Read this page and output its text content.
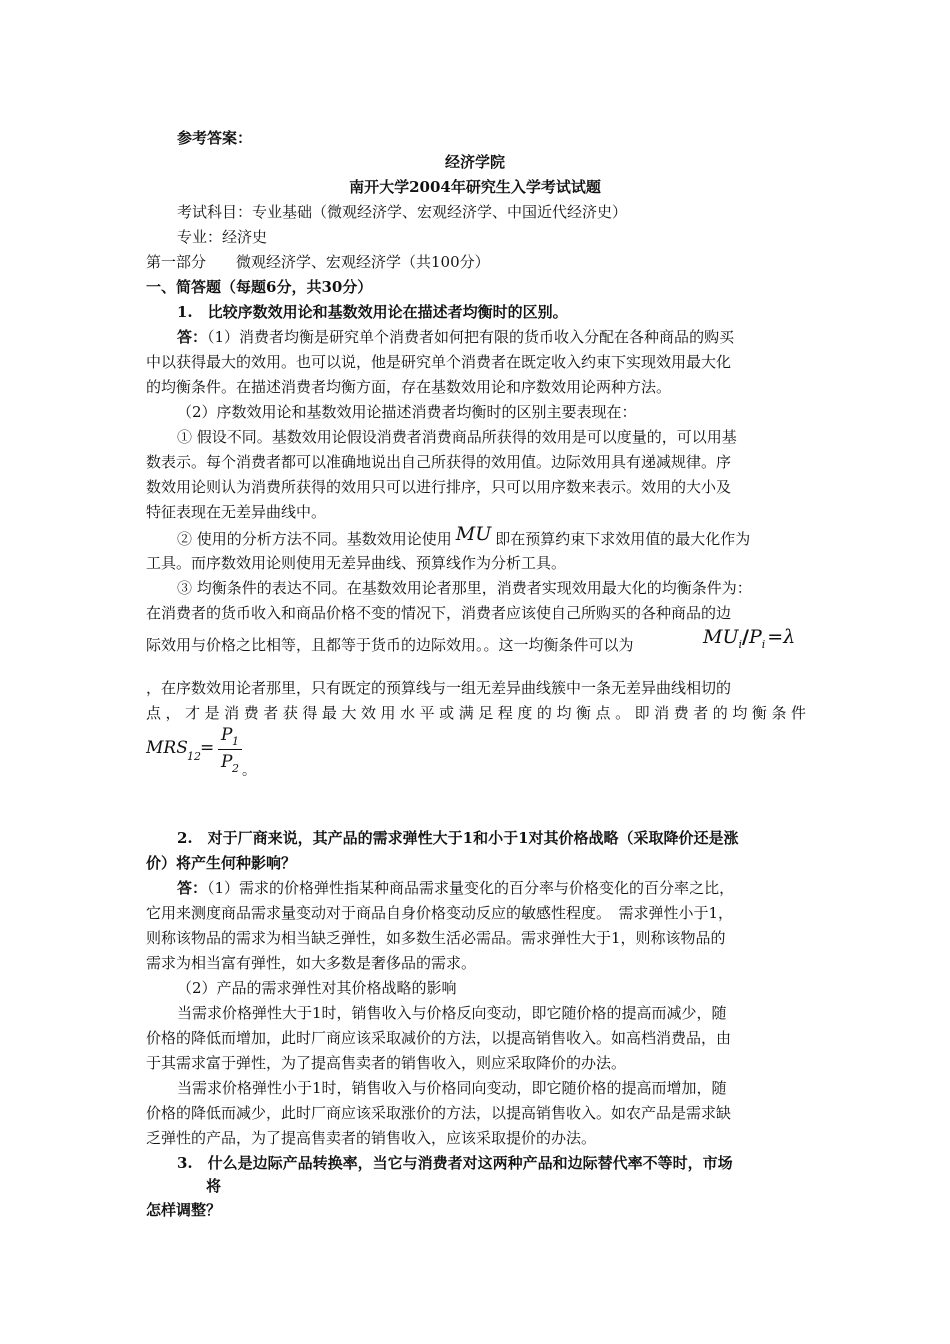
参考答案：
经济学院
南开大学2004年研究生入学考试试题
考试科目：专业基础（微观经济学、宏观经济学、中国近代经济史）
专业：经济史
第一部分　　微观经济学、宏观经济学（共100分）
一、简答题（每题6分，共30分）
1.　比较序数效用论和基数效用论在描述者均衡时的区别。
答：（1）消费者均衡是研究单个消费者如何把有限的货币收入分配在各种商品的购买
中以获得最大的效用。也可以说，他是研究单个消费者在既定收入约束下实现效用最大化
的均衡条件。在描述消费者均衡方面，存在基数效用论和序数效用论两种方法。
（2）序数效用论和基数效用论描述消费者均衡时的区别主要表现在：
① 假设不同。基数效用论假设消费者消费商品所获得的效用是可以度量的，可以用基
数表示。每个消费者都可以准确地说出自己所获得的效用值。边际效用具有递减规律。序
数效用论则认为消费所获得的效用只可以进行排序，只可以用序数来表示。效用的大小及
特征表现在无差异曲线中。
② 使用的分析方法不同。基数效用论使用 MU 即在预算约束下求效用值的最大化作为
工具。而序数效用论则使用无差异曲线、预算线作为分析工具。
③ 均衡条件的表达不同。在基数效用论者那里，消费者实现效用最大化的均衡条件为：
在消费者的货币收入和商品价格不变的情况下，消费者应该使自己所购买的各种商品的边
际效用与价格之比相等，且都等于货币的边际效用。。这一均衡条件可以为	$MU_i/P_i =\lambda$
，在序数效用论者那里，只有既定的预算线与一组无差异曲线簇中一条无差异曲线相切的
点，才是消费者获得最大效用水平或满足程度的均衡点。即消费者的均衡条件
MRS 12 =
P 1
P 2 。
2.　对于厂商来说，其产品的需求弹性大于1和小于1对其价格战略（采取降价还是涨
价）将产生何种影响？
答：（1）需求的价格弹性指某种商品需求量变化的百分率与价格变化的百分率之比，
它用来测度商品需求量变动对于商品自身价格变动反应的敏感性程度。　需求弹性小于1，
则称该物品的需求为相当缺乏弹性，如多数生活必需品。需求弹性大于1，则称该物品的
需求为相当富有弹性，如大多数是奢侈品的需求。
（2）产品的需求弹性对其价格战略的影响
当需求价格弹性大于1时，销售收入与价格反向变动，即它随价格的提高而减少，随
价格的降低而增加，此时厂商应该采取减价的方法，以提高销售收入。如高档消费品，由
于其需求富于弹性，为了提高售卖者的销售收入，则应采取降价的办法。
当需求价格弹性小于1时，销售收入与价格同向变动，即它随价格的提高而增加，随
价格的降低而减少，此时厂商应该采取涨价的方法，以提高销售收入。如农产品是需求缺
乏弹性的产品，为了提高售卖者的销售收入，应该采取提价的办法。
3.　什么是边际产品转换率，当它与消费者对这两种产品和边际替代率不等时，市场
将
怎样调整？
